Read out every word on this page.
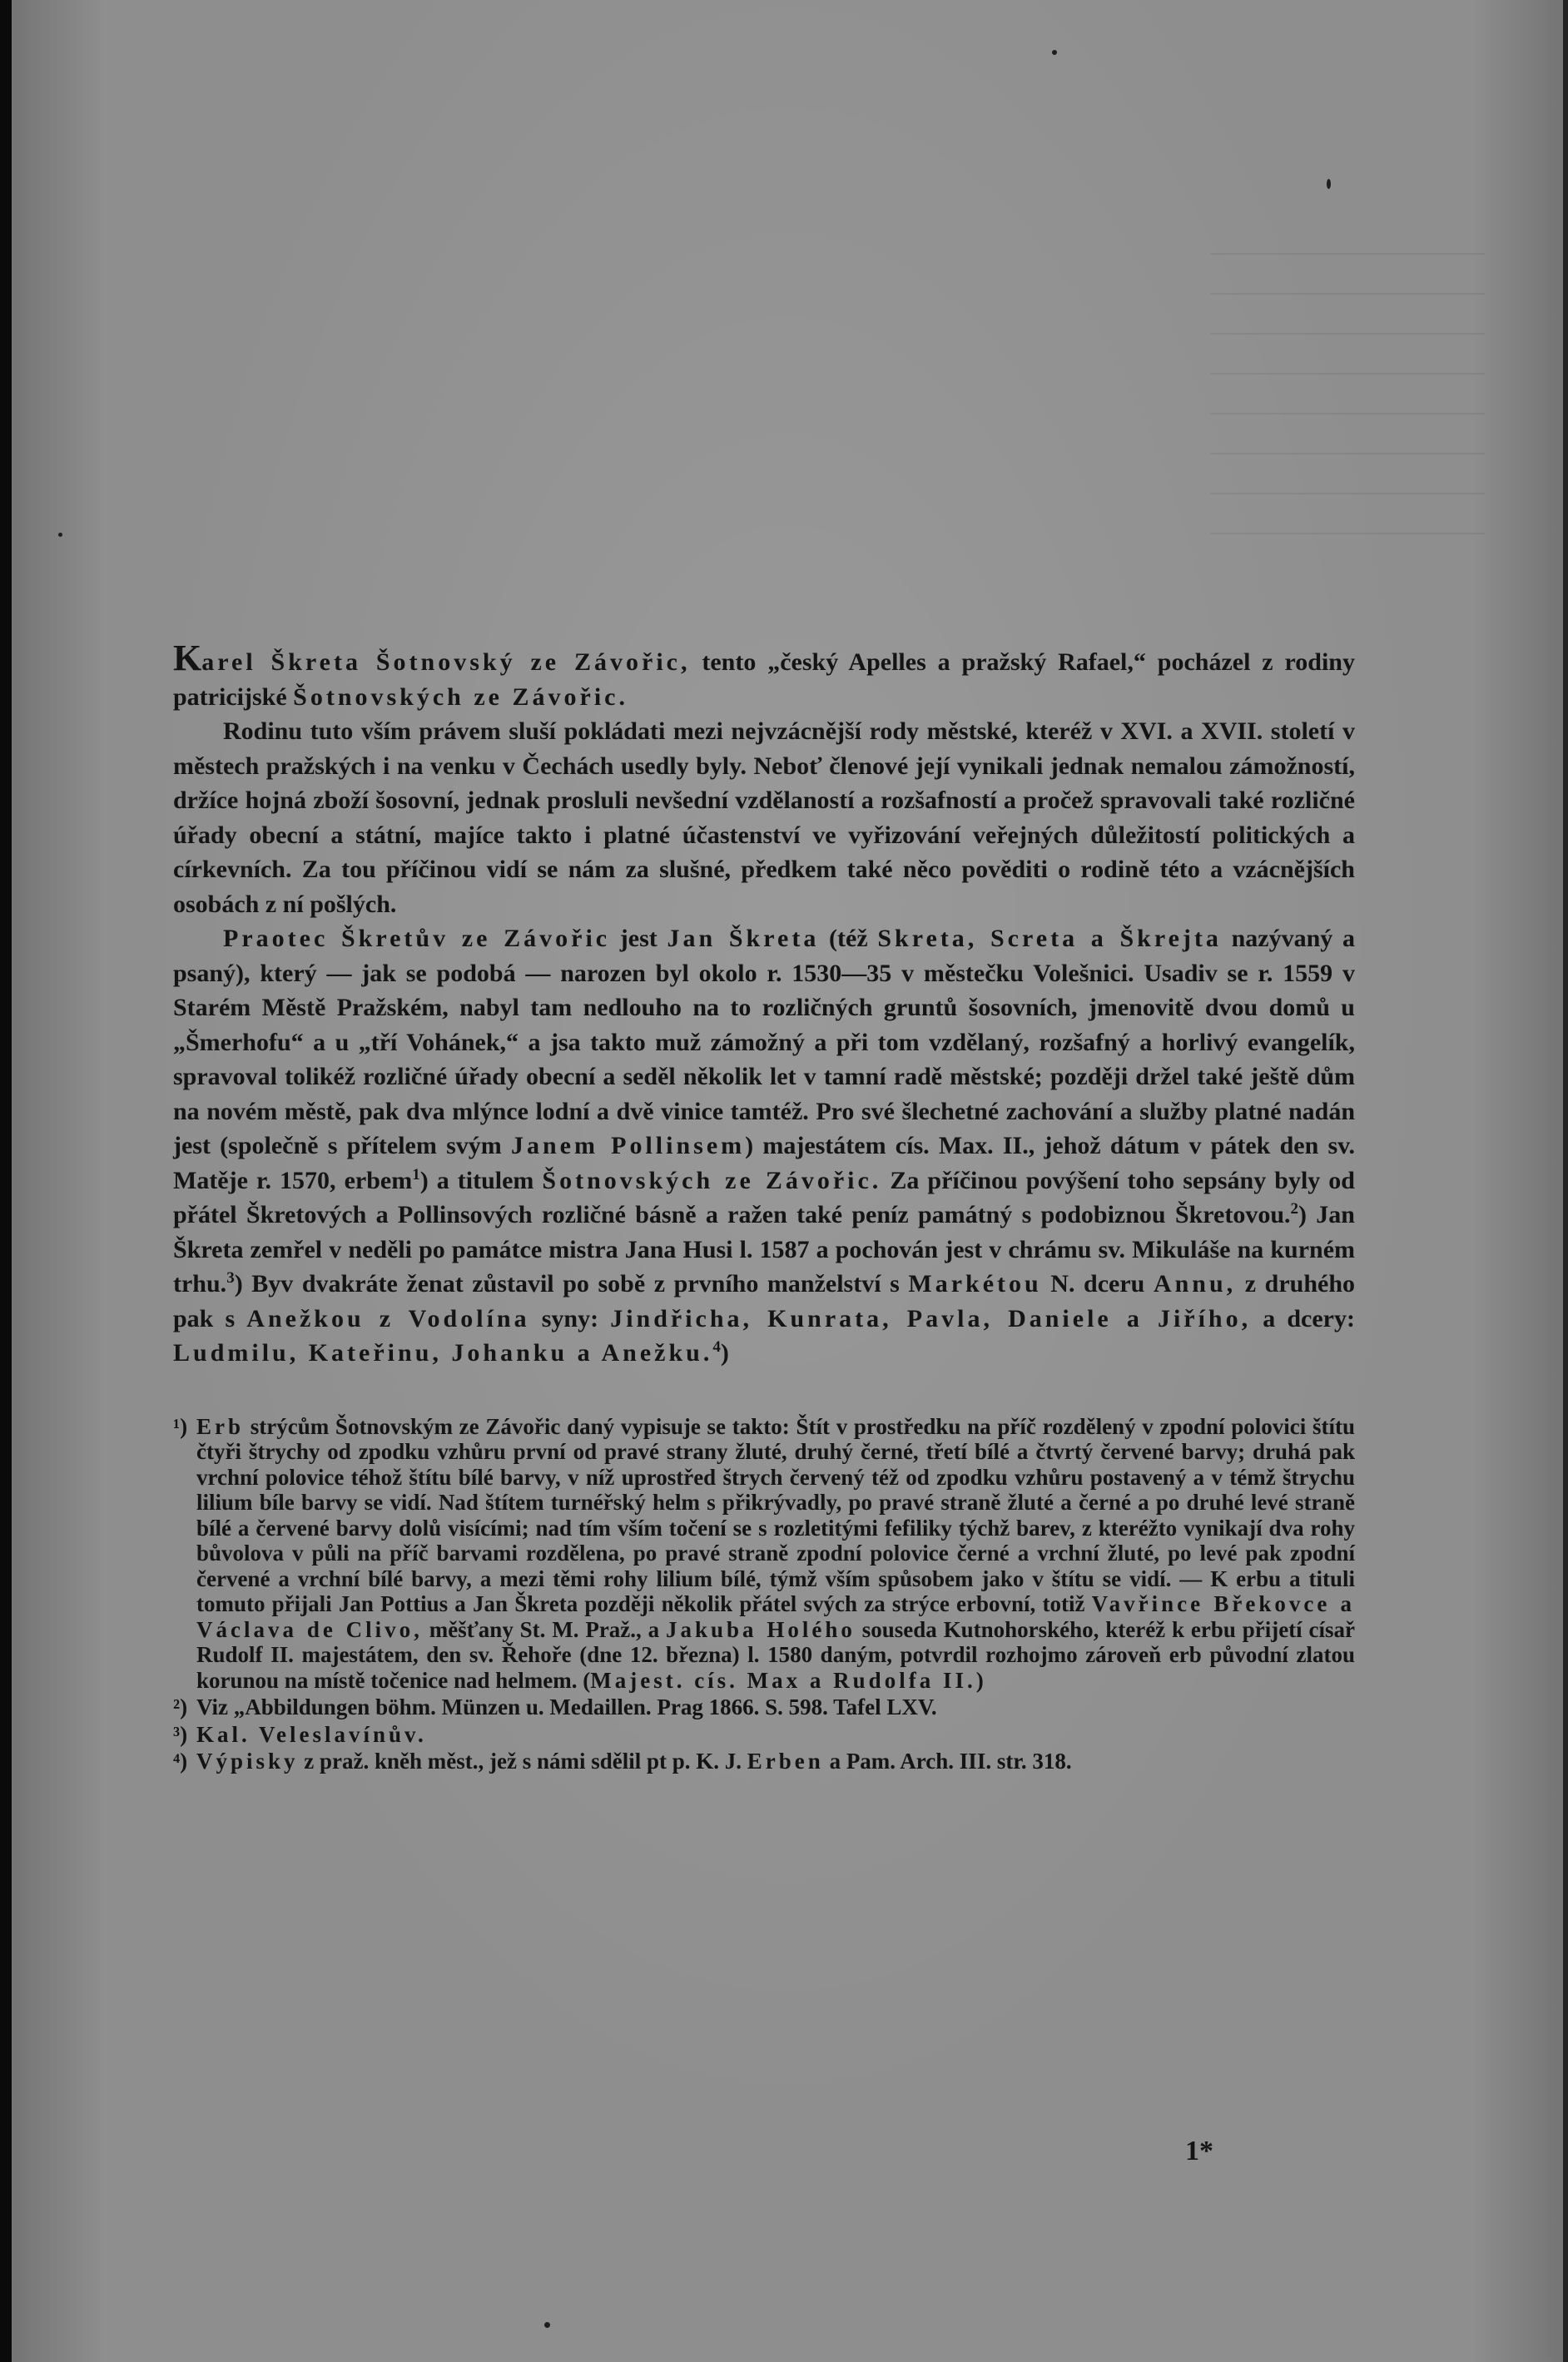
Karel Škreta Šotnovský ze Závořic, tento „český Apelles a pražský Rafael,“ pocházel z rodiny patricijské Šotnovských ze Závořic.

Rodinu tuto vším právem sluší pokládati mezi nejvzácnější rody městské, kteréž v XVI. a XVII. století v městech pražských i na venku v Čechách usedly byly. Neboť členové její vynikali jednak nemalou zámožností, držíce hojná zboží šosovní, jednak prosluli nevšední vzdělaností a rozšafností a pročež spravovali také rozličné úřady obecní a státní, majíce takto i platné účastenství ve vyřizování veřejných důležitostí politických a církevních. Za tou příčinou vidí se nám za slušné, předkem také něco pověditi o rodině této a vzácnějších osobách z ní pošlých.

Praotec Škretův ze Závořic jest Jan Škreta (též Skreta, Screta a Škrejta nazývaný a psaný), který — jak se podobá — narozen byl okolo r. 1530—35 v městečku Volešnici. Usadiv se r. 1559 v Starém Městě Pražském, nabyl tam nedlouho na to rozličných gruntů šosovních, jmenovitě dvou domů u „Šmerhofu“ a u „tří Vohánek,“ a jsa takto muž zámožný a při tom vzdělaný, rozšafný a horlivý evangelík, spravoval tolikéž rozličné úřady obecní a seděl několik let v tamní radě městské; později držel také ještě dům na novém městě, pak dva mlýnce lodní a dvě vinice tamtéž. Pro své šlechetné zachování a služby platné nadán jest (společně s přítelem svým Janem Pollinsem) majestátem cís. Max. II., jehož dátum v pátek den sv. Matěje r. 1570, erbem$^1$) a titulem Šotnovských ze Závořic. Za příčinou povýšení toho sepsány byly od přátel Škretových a Pollinsových rozličné básně a ražen také peníz památný s podobiznou Škretovou.$^2$) Jan Škreta zemřel v neděli po památce mistra Jana Husi l. 1587 a pochován jest v chrámu sv. Mikuláše na kurném trhu.$^3$) Byv dvakráte ženat zůstavil po sobě z prvního manželství s Markétou N. dceru Annu, z druhého pak s Anežkou z Vodolína syny: Jindřicha, Kunrata, Pavla, Daniele a Jiřího, a dcery: Ludmilu, Kateřinu, Johanku a Anežku.$^4$)

¹) Erb strýcům Šotnovským ze Závořic daný vypisuje se takto: Štít v prostředku na příč rozdělený v zpodní polovici štítu čtyři štrychy od zpodku vzhůru první od pravé strany žluté, druhý černé, třetí bílé a čtvrtý červené barvy; druhá pak vrchní polovice téhož štítu bílé barvy, v níž uprostřed štrych červený též od zpodku vzhůru postavený a v témž štrychu lilium bíle barvy se vidí. Nad štítem turnéřský helm s přikrývadly, po pravé straně žluté a černé a po druhé levé straně bílé a červené barvy dolů visícími; nad tím vším točení se s rozletitými fefiliky týchž barev, z kteréžto vynikají dva rohy bůvolova v půli na příč barvami rozdělena, po pravé straně zpodní polovice černé a vrchní žluté, po levé pak zpodní červené a vrchní bílé barvy, a mezi těmi rohy lilium bílé, týmž vším spůsobem jako v štítu se vidí. — K erbu a tituli tomuto přijali Jan Pottius a Jan Škreta později několik přátel svých za strýce erbovní, totiž Vavřince Břekovce a Václava de Clivo, měšťany St. M. Praž., a Jakuba Holého souseda Kutnohorského, kteréž k erbu přijetí císař Rudolf II. majestátem, den sv. Řehoře (dne 12. března) l. 1580 daným, potvrdil rozhojmo zároveň erb původní zlatou korunou na místě točenice nad helmem. (Majest. cís. Max a Rudolfa II.)

²) Viz „Abbildungen böhm. Münzen u. Medaillen. Prag 1866. S. 598. Tafel LXV.

³) Kal. Veleslavínův.

⁴) Výpisky z praž. kněh měst., jež s námi sdělil pt p. K. J. Erben a Pam. Arch. III. str. 318.

1*
